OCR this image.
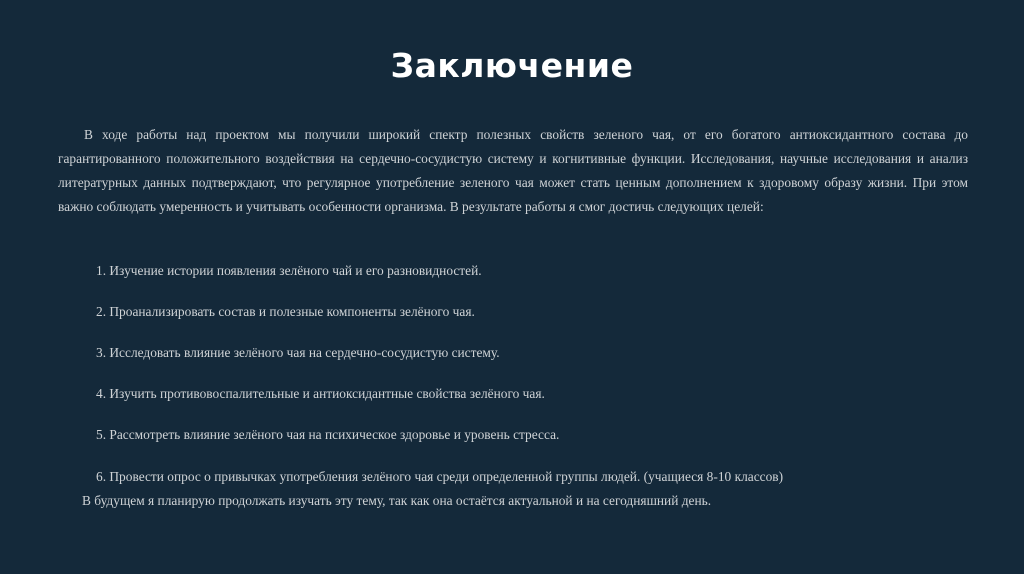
Заключение

В ходе работы над проектом мы получили широкий спектр полезных свойств зеленого чая, от его богатого антиоксидантного состава до гарантированного положительного воздействия на сердечно-сосудистую систему и когнитивные функции. Исследования, научные исследования и анализ литературных данных подтверждают, что регулярное употребление зеленого чая может стать ценным дополнением к здоровому образу жизни. При этом важно соблюдать умеренность и учитывать особенности организма. В результате работы я смог достичь следующих целей:

1. Изучение истории появления зелёного чай и его разновидностей.
2. Проанализировать состав и полезные компоненты зелёного чая.
3. Исследовать влияние зелёного чая на сердечно-сосудистую систему.
4. Изучить противовоспалительные и антиоксидантные свойства зелёного чая.
5. Рассмотреть влияние зелёного чая на психическое здоровье и уровень стресса.
6. Провести опрос о привычках употребления зелёного чая среди определенной группы людей. (учащиеся 8-10 классов)

В будущем я планирую продолжать изучать эту тему, так как она остаётся актуальной и на сегодняшний день.
